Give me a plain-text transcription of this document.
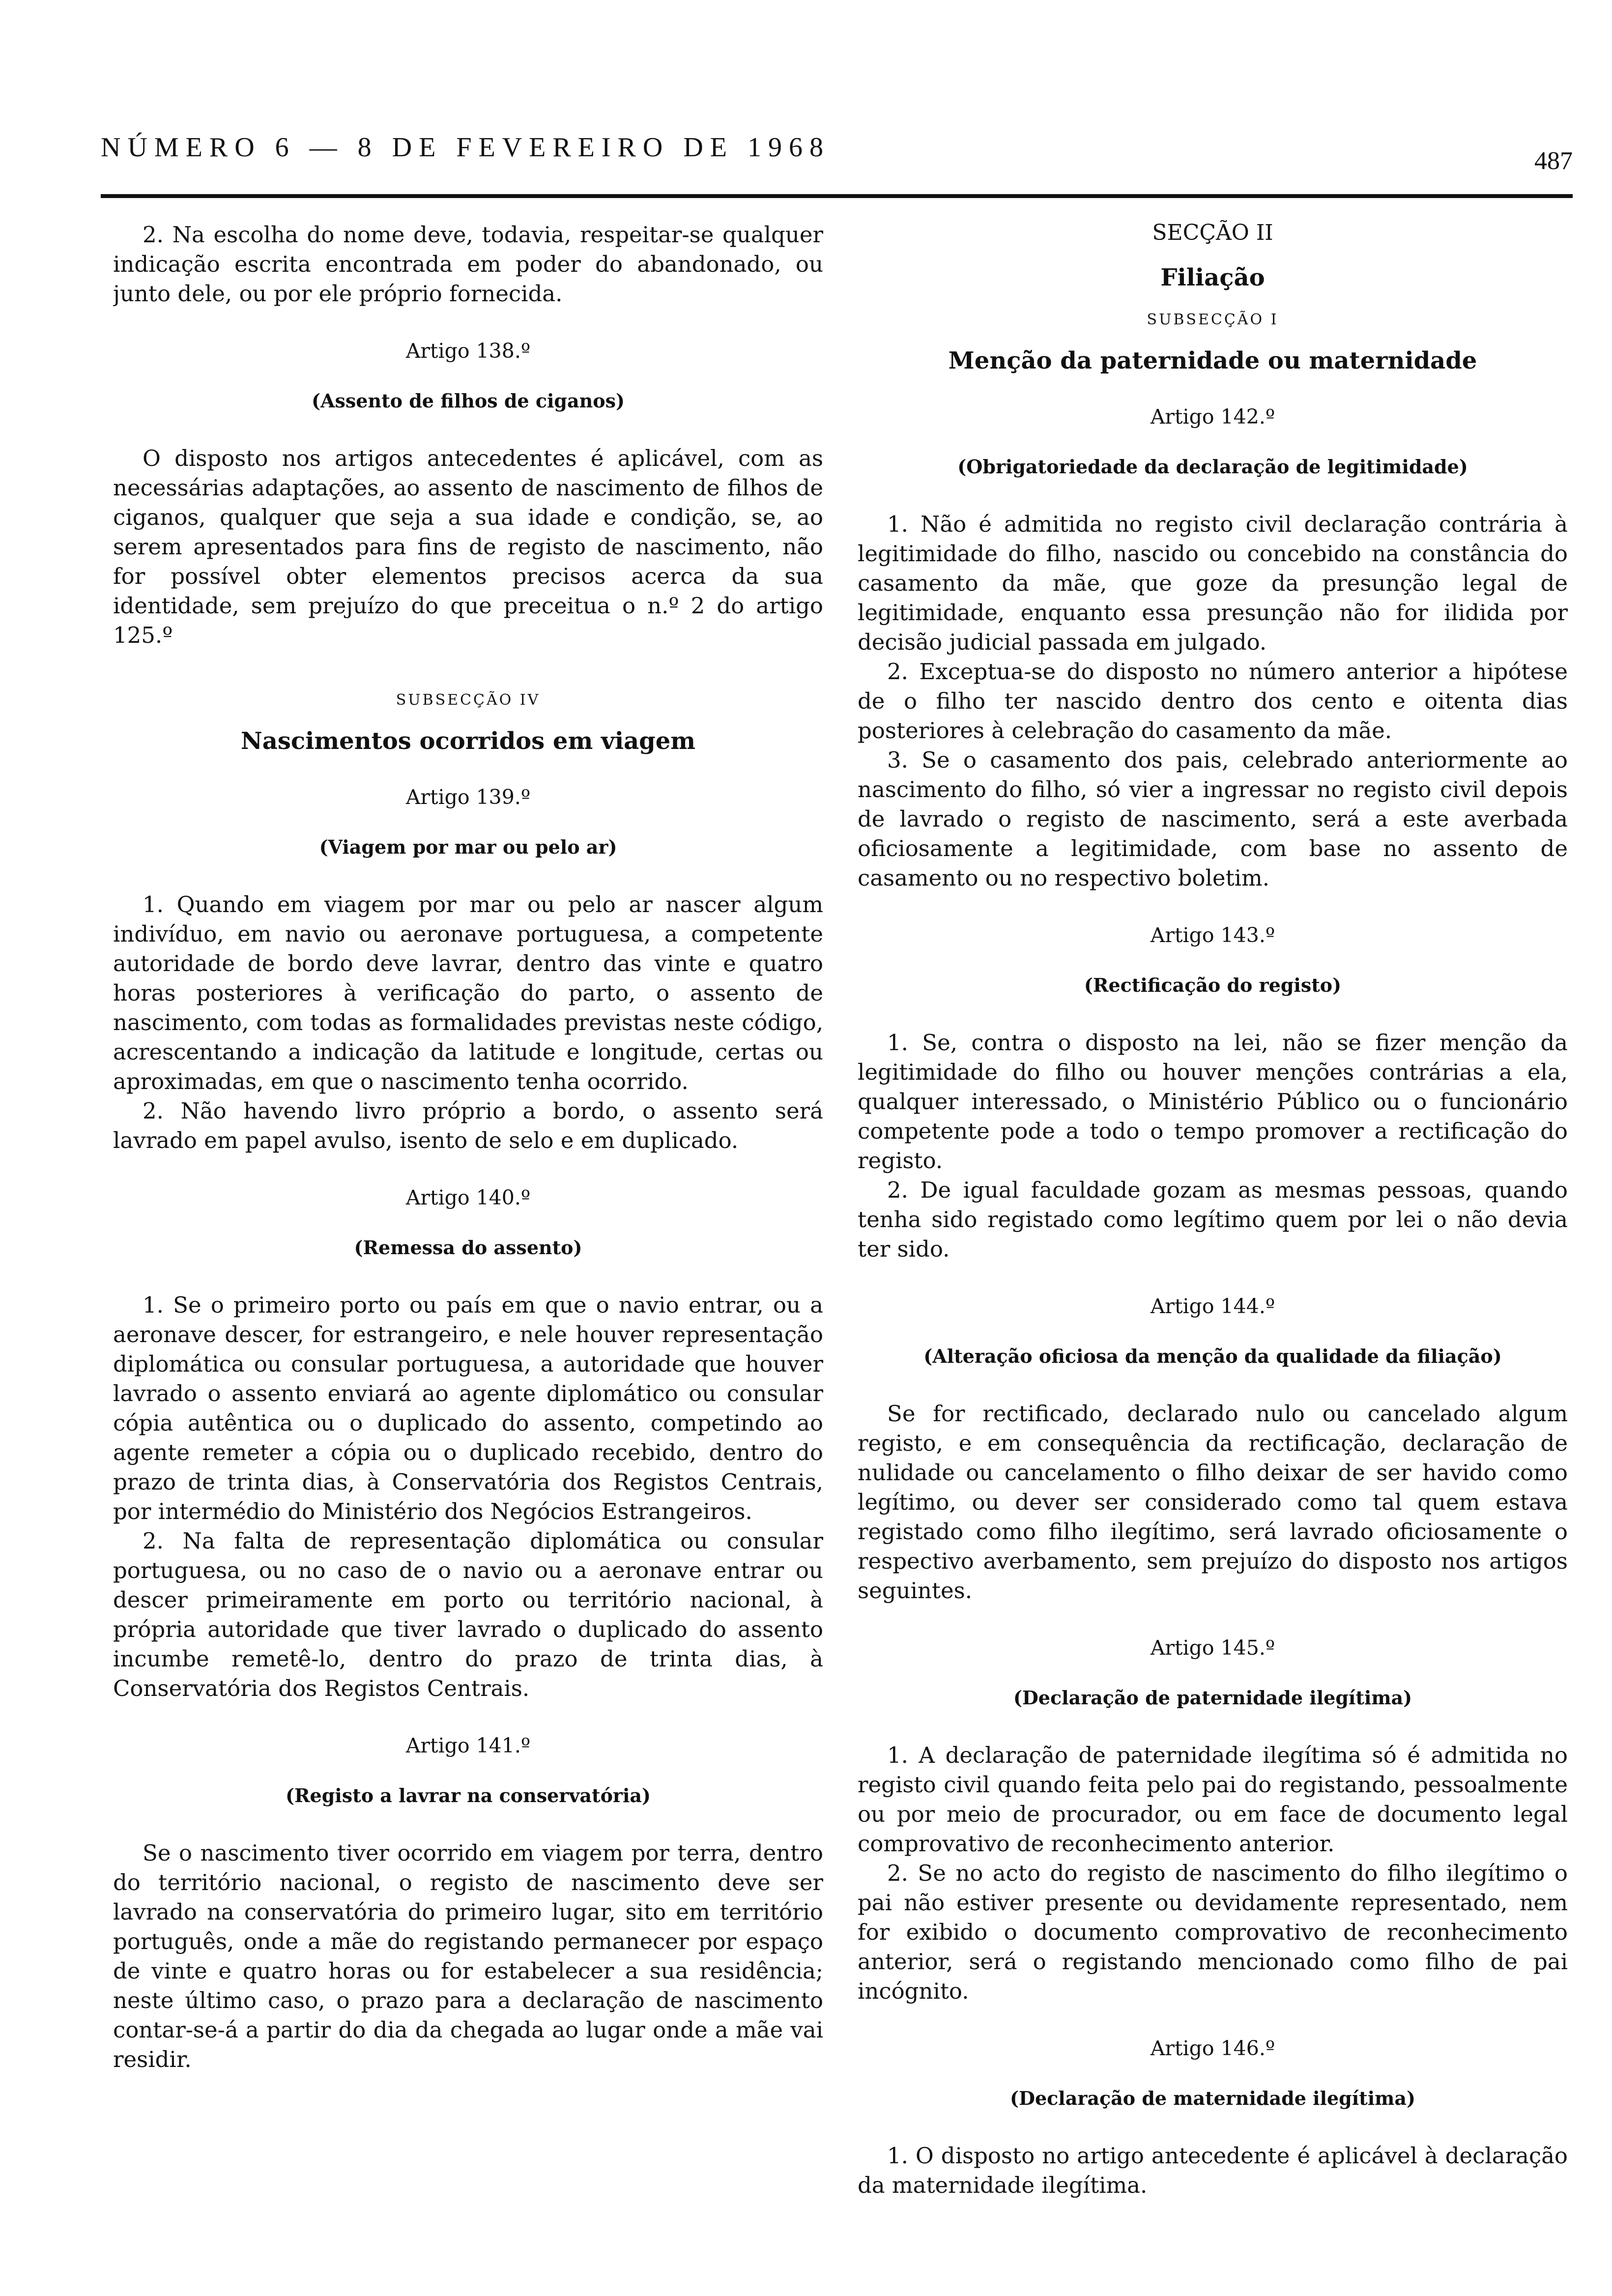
NÚMERO 6 — 8 DE FEVEREIRO DE 1968	487

2. Na escolha do nome deve, todavia, respeitar-se qualquer indicação escrita encontrada em poder do abandonado, ou junto dele, ou por ele próprio fornecida.

Artigo 138.º
(Assento de filhos de ciganos)

O disposto nos artigos antecedentes é aplicável, com as necessárias adaptações, ao assento de nascimento de filhos de ciganos, qualquer que seja a sua idade e condição, se, ao serem apresentados para fins de registo de nascimento, não for possível obter elementos precisos acerca da sua identidade, sem prejuízo do que preceitua o n.º 2 do artigo 125.º

SUBSECÇÃO IV
Nascimentos ocorridos em viagem
Artigo 139.º
(Viagem por mar ou pelo ar)

1. Quando em viagem por mar ou pelo ar nascer algum indivíduo, em navio ou aeronave portuguesa, a competente autoridade de bordo deve lavrar, dentro das vinte e quatro horas posteriores à verificação do parto, o assento de nascimento, com todas as formalidades previstas neste código, acrescentando a indicação da latitude e longitude, certas ou aproximadas, em que o nascimento tenha ocorrido.

2. Não havendo livro próprio a bordo, o assento será lavrado em papel avulso, isento de selo e em duplicado.

Artigo 140.º
(Remessa do assento)

1. Se o primeiro porto ou país em que o navio entrar, ou a aeronave descer, for estrangeiro, e nele houver representação diplomática ou consular portuguesa, a autoridade que houver lavrado o assento enviará ao agente diplomático ou consular cópia autêntica ou o duplicado do assento, competindo ao agente remeter a cópia ou o duplicado recebido, dentro do prazo de trinta dias, à Conservatória dos Registos Centrais, por intermédio do Ministério dos Negócios Estrangeiros.

2. Na falta de representação diplomática ou consular portuguesa, ou no caso de o navio ou a aeronave entrar ou descer primeiramente em porto ou território nacional, à própria autoridade que tiver lavrado o duplicado do assento incumbe remetê-lo, dentro do prazo de trinta dias, à Conservatória dos Registos Centrais.

Artigo 141.º
(Registo a lavrar na conservatória)

Se o nascimento tiver ocorrido em viagem por terra, dentro do território nacional, o registo de nascimento deve ser lavrado na conservatória do primeiro lugar, sito em território português, onde a mãe do registando permanecer por espaço de vinte e quatro horas ou for estabelecer a sua residência; neste último caso, o prazo para a declaração de nascimento contar-se-á a partir do dia da chegada ao lugar onde a mãe vai residir.

SECÇÃO II
Filiação
SUBSECÇÃO I
Menção da paternidade ou maternidade
Artigo 142.º
(Obrigatoriedade da declaração de legitimidade)

1. Não é admitida no registo civil declaração contrária à legitimidade do filho, nascido ou concebido na constância do casamento da mãe, que goze da presunção legal de legitimidade, enquanto essa presunção não for ilidida por decisão judicial passada em julgado.

2. Exceptua-se do disposto no número anterior a hipótese de o filho ter nascido dentro dos cento e oitenta dias posteriores à celebração do casamento da mãe.

3. Se o casamento dos pais, celebrado anteriormente ao nascimento do filho, só vier a ingressar no registo civil depois de lavrado o registo de nascimento, será a este averbada oficiosamente a legitimidade, com base no assento de casamento ou no respectivo boletim.

Artigo 143.º
(Rectificação do registo)

1. Se, contra o disposto na lei, não se fizer menção da legitimidade do filho ou houver menções contrárias a ela, qualquer interessado, o Ministério Público ou o funcionário competente pode a todo o tempo promover a rectificação do registo.

2. De igual faculdade gozam as mesmas pessoas, quando tenha sido registado como legítimo quem por lei o não devia ter sido.

Artigo 144.º
(Alteração oficiosa da menção da qualidade da filiação)

Se for rectificado, declarado nulo ou cancelado algum registo, e em consequência da rectificação, declaração de nulidade ou cancelamento o filho deixar de ser havido como legítimo, ou dever ser considerado como tal quem estava registado como filho ilegítimo, será lavrado oficiosamente o respectivo averbamento, sem prejuízo do disposto nos artigos seguintes.

Artigo 145.º
(Declaração de paternidade ilegítima)

1. A declaração de paternidade ilegítima só é admitida no registo civil quando feita pelo pai do registando, pessoalmente ou por meio de procurador, ou em face de documento legal comprovativo de reconhecimento anterior.

2. Se no acto do registo de nascimento do filho ilegítimo o pai não estiver presente ou devidamente representado, nem for exibido o documento comprovativo de reconhecimento anterior, será o registando mencionado como filho de pai incógnito.

Artigo 146.º
(Declaração de maternidade ilegítima)

1. O disposto no artigo antecedente é aplicável à declaração da maternidade ilegítima.
